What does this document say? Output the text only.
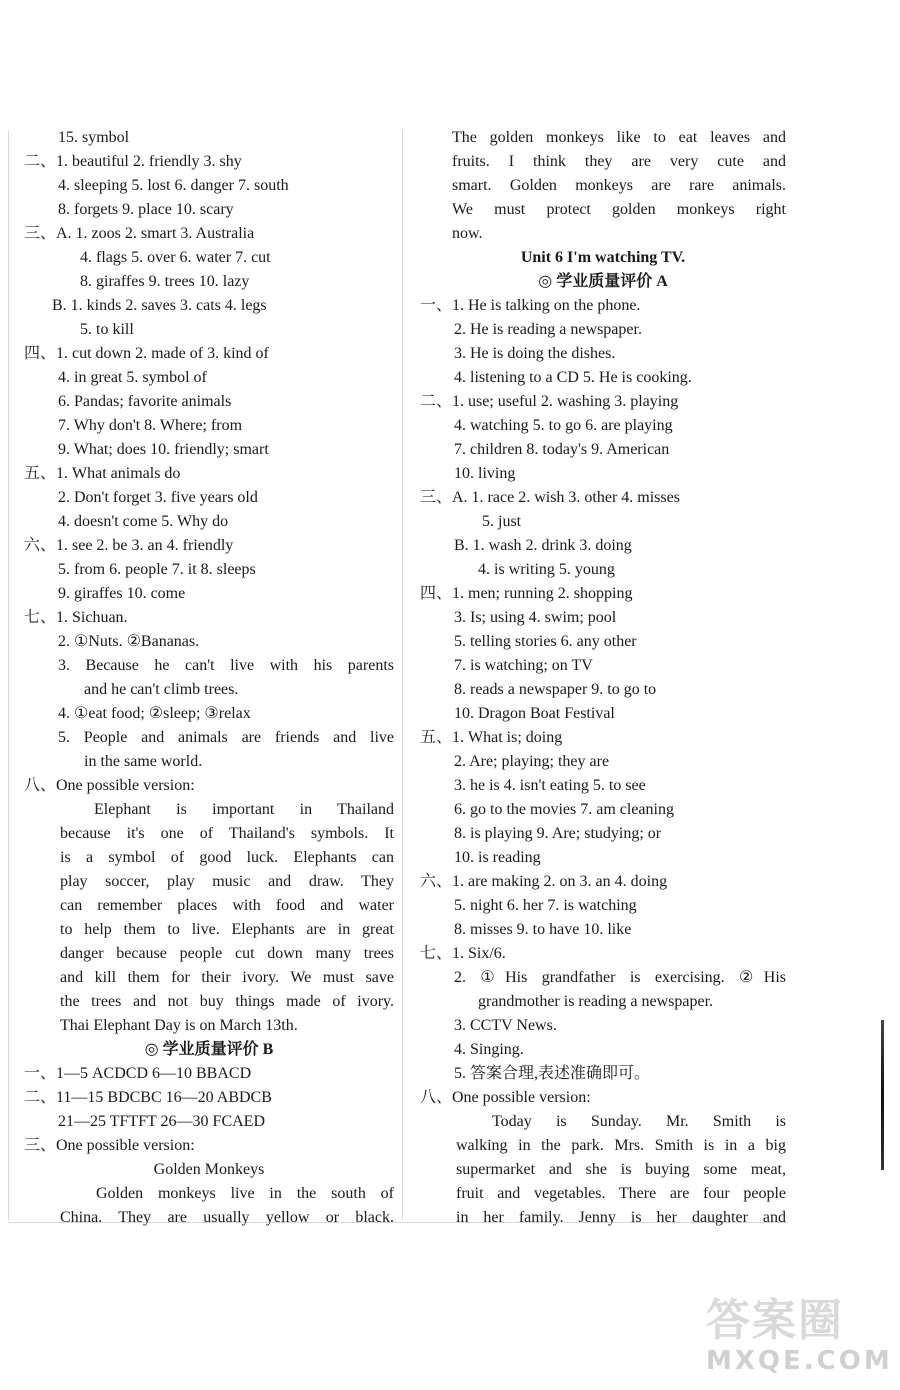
15. symbol
二、1. beautiful 2. friendly 3. shy
4. sleeping 5. lost 6. danger 7. south
8. forgets 9. place 10. scary
三、A. 1. zoos 2. smart 3. Australia
4. flags 5. over 6. water 7. cut
8. giraffes 9. trees 10. lazy
B. 1. kinds 2. saves 3. cats 4. legs
5. to kill
四、1. cut down 2. made of 3. kind of
4. in great 5. symbol of
6. Pandas; favorite animals
7. Why don't 8. Where; from
9. What; does 10. friendly; smart
五、1. What animals do
2. Don't forget 3. five years old
4. doesn't come 5. Why do
六、1. see 2. be 3. an 4. friendly
5. from 6. people 7. it 8. sleeps
9. giraffes 10. come
七、1. Sichuan.
2. ①Nuts. ②Bananas.
3. Because he can't live with his parents
and he can't climb trees.
4. ①eat food; ②sleep; ③relax
5. People and animals are friends and live
in the same world.
八、One possible version:
Elephant is important in Thailand
because it's one of Thailand's symbols. It
is a symbol of good luck. Elephants can
play soccer, play music and draw. They
can remember places with food and water
to help them to live. Elephants are in great
danger because people cut down many trees
and kill them for their ivory. We must save
the trees and not buy things made of ivory.
Thai Elephant Day is on March 13th.
◎ 学业质量评价 B
一、1—5 ACDCD 6—10 BBACD
二、11—15 BDCBC 16—20 ABDCB
21—25 TFTFT 26—30 FCAED
三、One possible version:
Golden Monkeys
Golden monkeys live in the south of
China. They are usually yellow or black.
The golden monkeys like to eat leaves and
fruits. I think they are very cute and
smart. Golden monkeys are rare animals.
We must protect golden monkeys right
now.
Unit 6 I'm watching TV.
◎ 学业质量评价 A
一、1. He is talking on the phone.
2. He is reading a newspaper.
3. He is doing the dishes.
4. listening to a CD 5. He is cooking.
二、1. use; useful 2. washing 3. playing
4. watching 5. to go 6. are playing
7. children 8. today's 9. American
10. living
三、A. 1. race 2. wish 3. other 4. misses
5. just
B. 1. wash 2. drink 3. doing
4. is writing 5. young
四、1. men; running 2. shopping
3. Is; using 4. swim; pool
5. telling stories 6. any other
7. is watching; on TV
8. reads a newspaper 9. to go to
10. Dragon Boat Festival
五、1. What is; doing
2. Are; playing; they are
3. he is 4. isn't eating 5. to see
6. go to the movies 7. am cleaning
8. is playing 9. Are; studying; or
10. is reading
六、1. are making 2. on 3. an 4. doing
5. night 6. her 7. is watching
8. misses 9. to have 10. like
七、1. Six/6.
2. ①His grandfather is exercising. ②His
grandmother is reading a newspaper.
3. CCTV News.
4. Singing.
5. 答案合理,表述准确即可。
八、One possible version:
Today is Sunday. Mr. Smith is
walking in the park. Mrs. Smith is in a big
supermarket and she is buying some meat,
fruit and vegetables. There are four people
in her family. Jenny is her daughter and
答案圈
MXQE.COM
